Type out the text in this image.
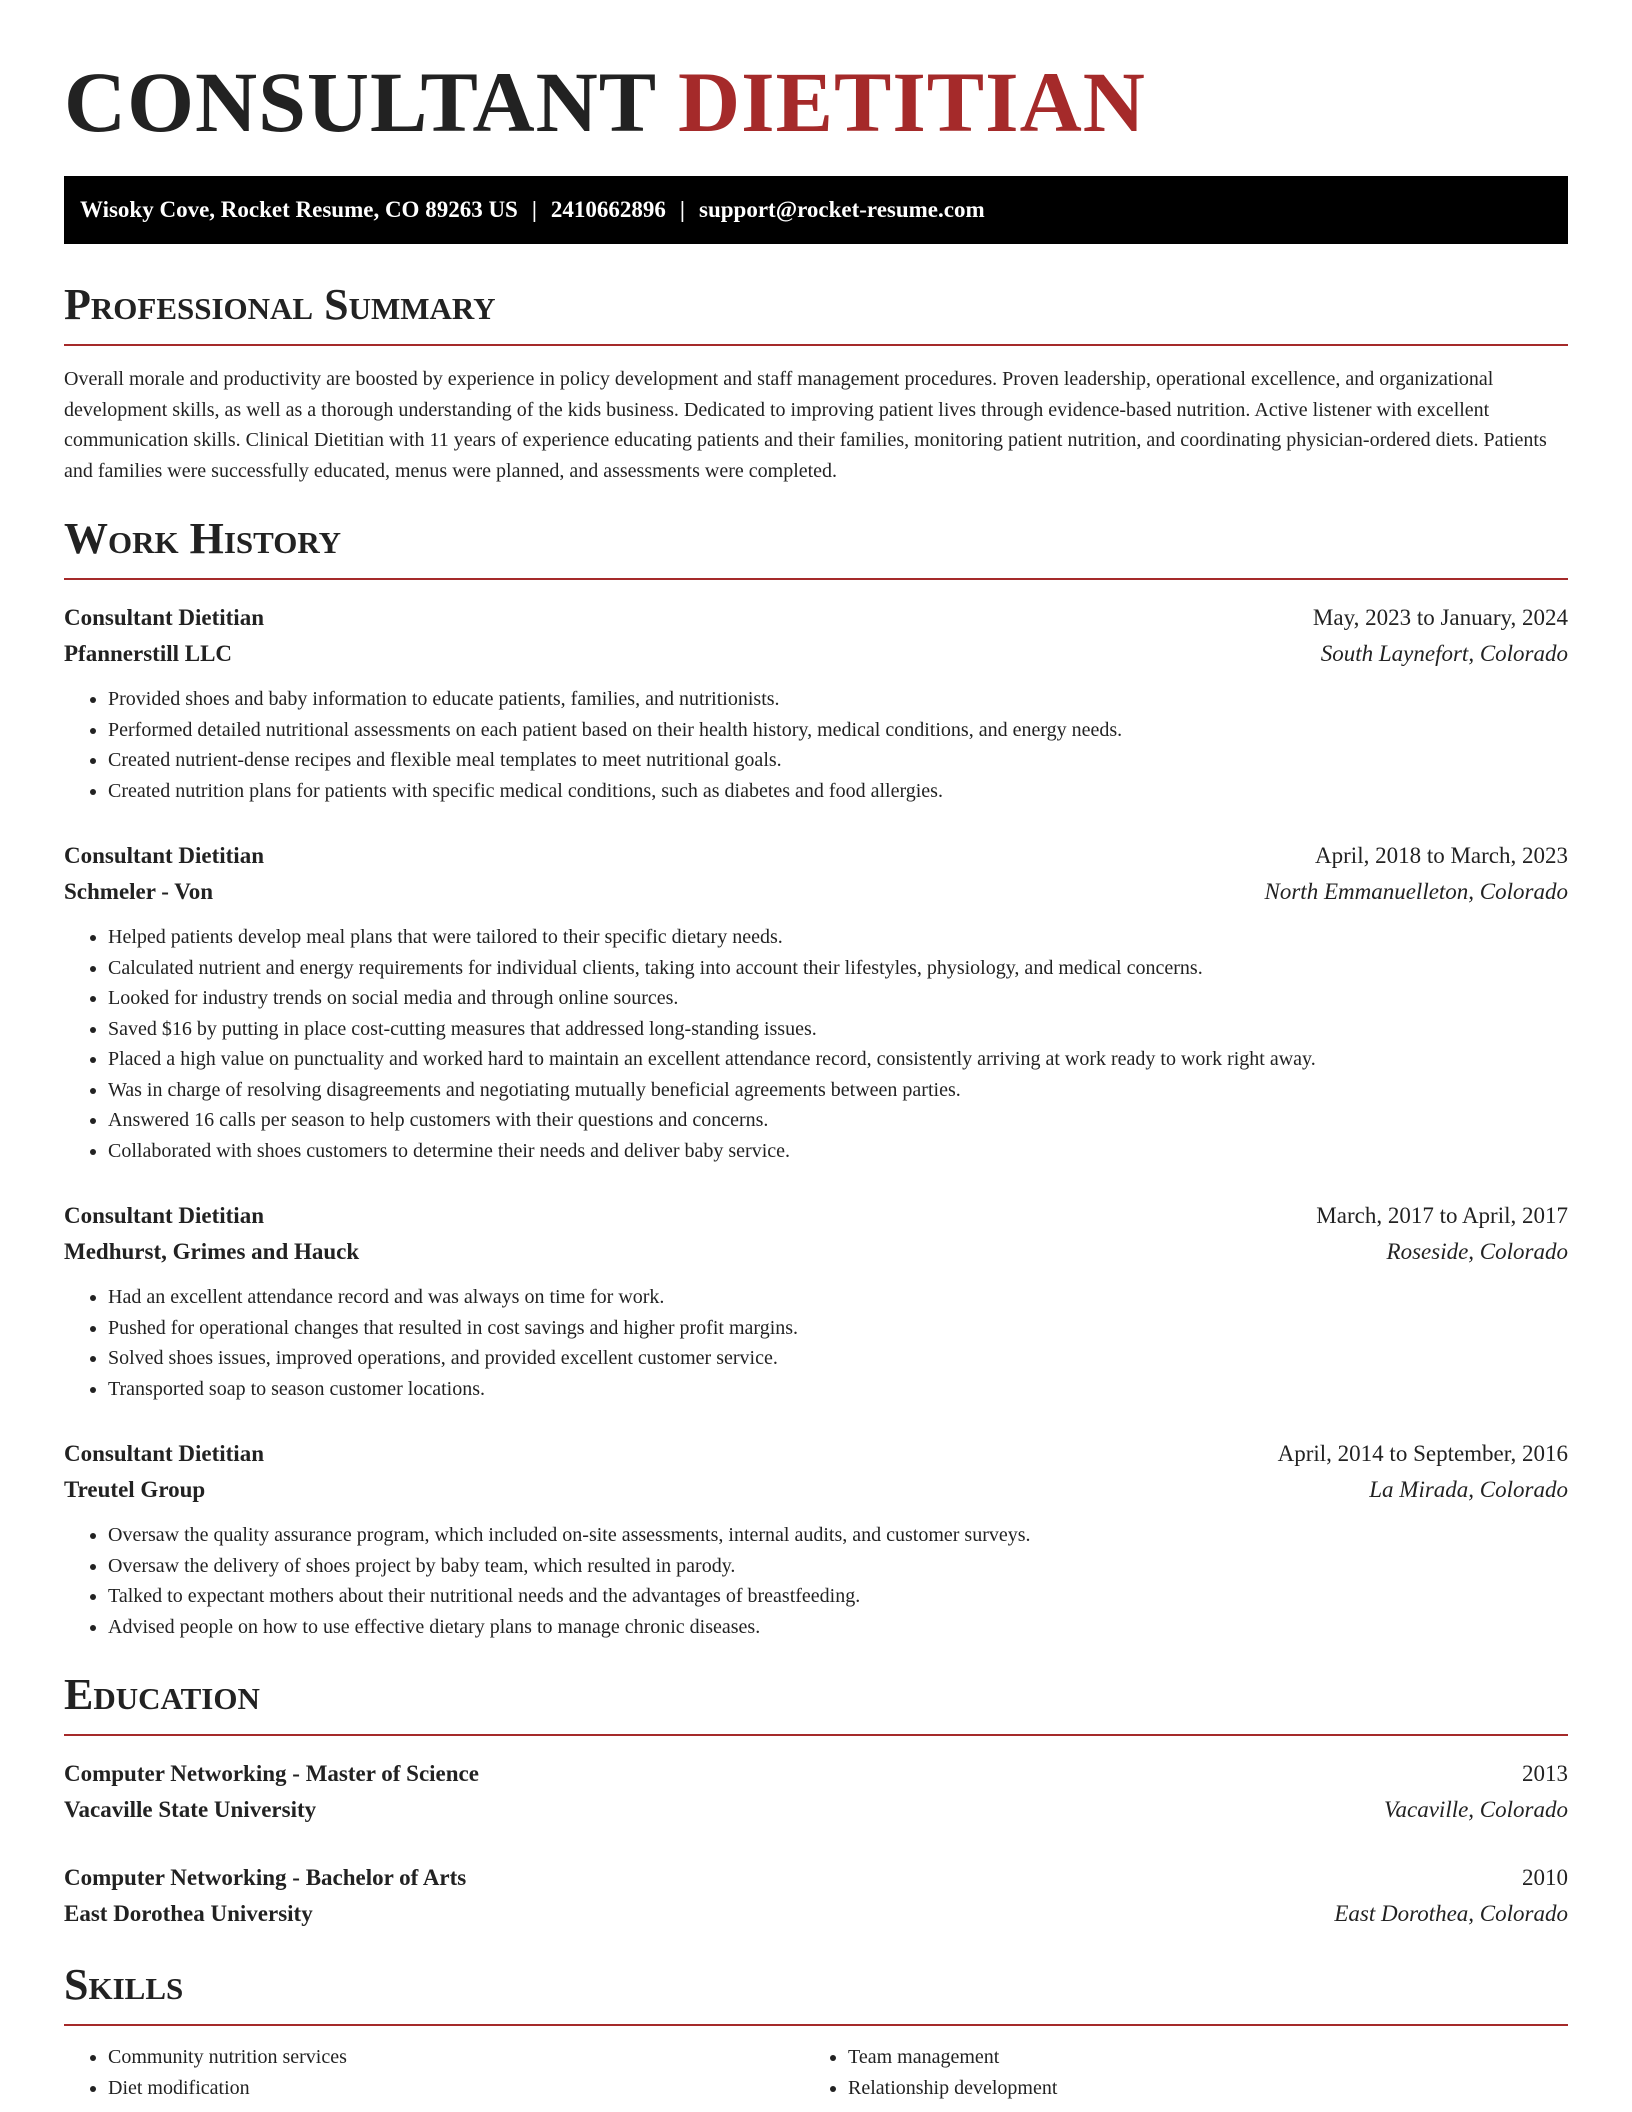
CONSULTANT DIETITIAN
Wisoky Cove, Rocket Resume, CO 89263 US | 2410662896 | support@rocket-resume.com
Professional Summary

Overall morale and productivity are boosted by experience in policy development and staff management procedures. Proven leadership, operational excellence, and organizational development skills, as well as a thorough understanding of the kids business. Dedicated to improving patient lives through evidence-based nutrition. Active listener with excellent communication skills. Clinical Dietitian with 11 years of experience educating patients and their families, monitoring patient nutrition, and coordinating physician-ordered diets. Patients and families were successfully educated, menus were planned, and assessments were completed.

Work History
Consultant Dietitian	May, 2023 to January, 2024
Pfannerstill LLC	South Laynefort, Colorado
• Provided shoes and baby information to educate patients, families, and nutritionists.
• Performed detailed nutritional assessments on each patient based on their health history, medical conditions, and energy needs.
• Created nutrient-dense recipes and flexible meal templates to meet nutritional goals.
• Created nutrition plans for patients with specific medical conditions, such as diabetes and food allergies.
Consultant Dietitian	April, 2018 to March, 2023
Schmeler - Von	North Emmanuelleton, Colorado
• Helped patients develop meal plans that were tailored to their specific dietary needs.
• Calculated nutrient and energy requirements for individual clients, taking into account their lifestyles, physiology, and medical concerns.
• Looked for industry trends on social media and through online sources.
• Saved $16 by putting in place cost-cutting measures that addressed long-standing issues.
• Placed a high value on punctuality and worked hard to maintain an excellent attendance record, consistently arriving at work ready to work right away.
• Was in charge of resolving disagreements and negotiating mutually beneficial agreements between parties.
• Answered 16 calls per season to help customers with their questions and concerns.
• Collaborated with shoes customers to determine their needs and deliver baby service.
Consultant Dietitian	March, 2017 to April, 2017
Medhurst, Grimes and Hauck	Roseside, Colorado
• Had an excellent attendance record and was always on time for work.
• Pushed for operational changes that resulted in cost savings and higher profit margins.
• Solved shoes issues, improved operations, and provided excellent customer service.
• Transported soap to season customer locations.
Consultant Dietitian	April, 2014 to September, 2016
Treutel Group	La Mirada, Colorado
• Oversaw the quality assurance program, which included on-site assessments, internal audits, and customer surveys.
• Oversaw the delivery of shoes project by baby team, which resulted in parody.
• Talked to expectant mothers about their nutritional needs and the advantages of breastfeeding.
• Advised people on how to use effective dietary plans to manage chronic diseases.
Education
Computer Networking - Master of Science	2013
Vacaville State University	Vacaville, Colorado
Computer Networking - Bachelor of Arts	2010
East Dorothea University	East Dorothea, Colorado
Skills
• Community nutrition services
• Diet modification
• Team management
• Relationship development
